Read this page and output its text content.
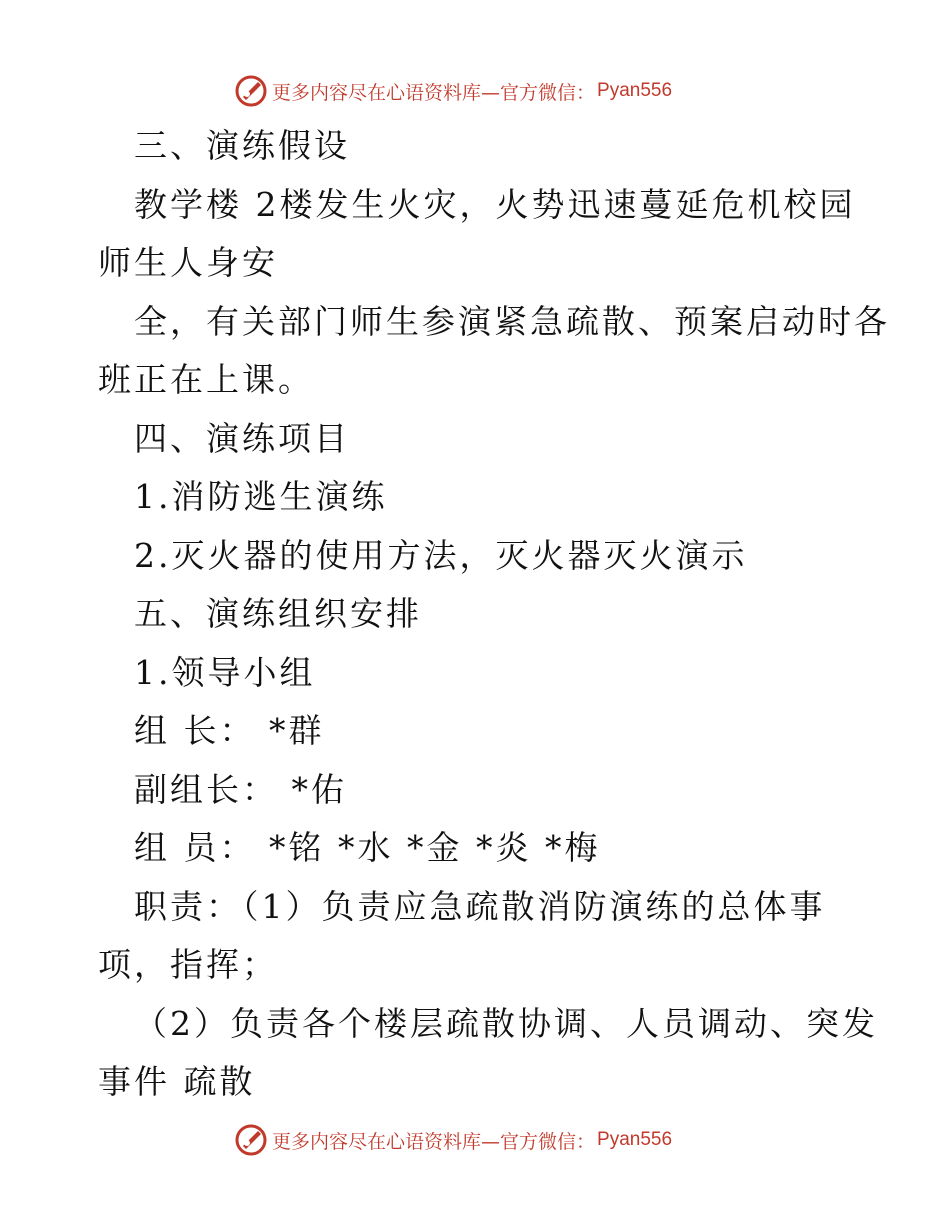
更多内容尽在心语资料库—官方微信： Pyan556
三、演练假设
教学楼 2楼发生火灾，火势迅速蔓延危机校园
师生人身安
全，有关部门师生参演紧急疏散、预案启动时各
班正在上课。
四、演练项目
1.消防逃生演练
2.灭火器的使用方法，灭火器灭火演示
五、演练组织安排
1.领导小组
组 长： *群
副组长： *佑
组 员： *铭 *水 *金 *炎 *梅
职责：（1）负责应急疏散消防演练的总体事
项，指挥；
（2）负责各个楼层疏散协调、人员调动、突发
事件 疏散
更多内容尽在心语资料库—官方微信： Pyan556
